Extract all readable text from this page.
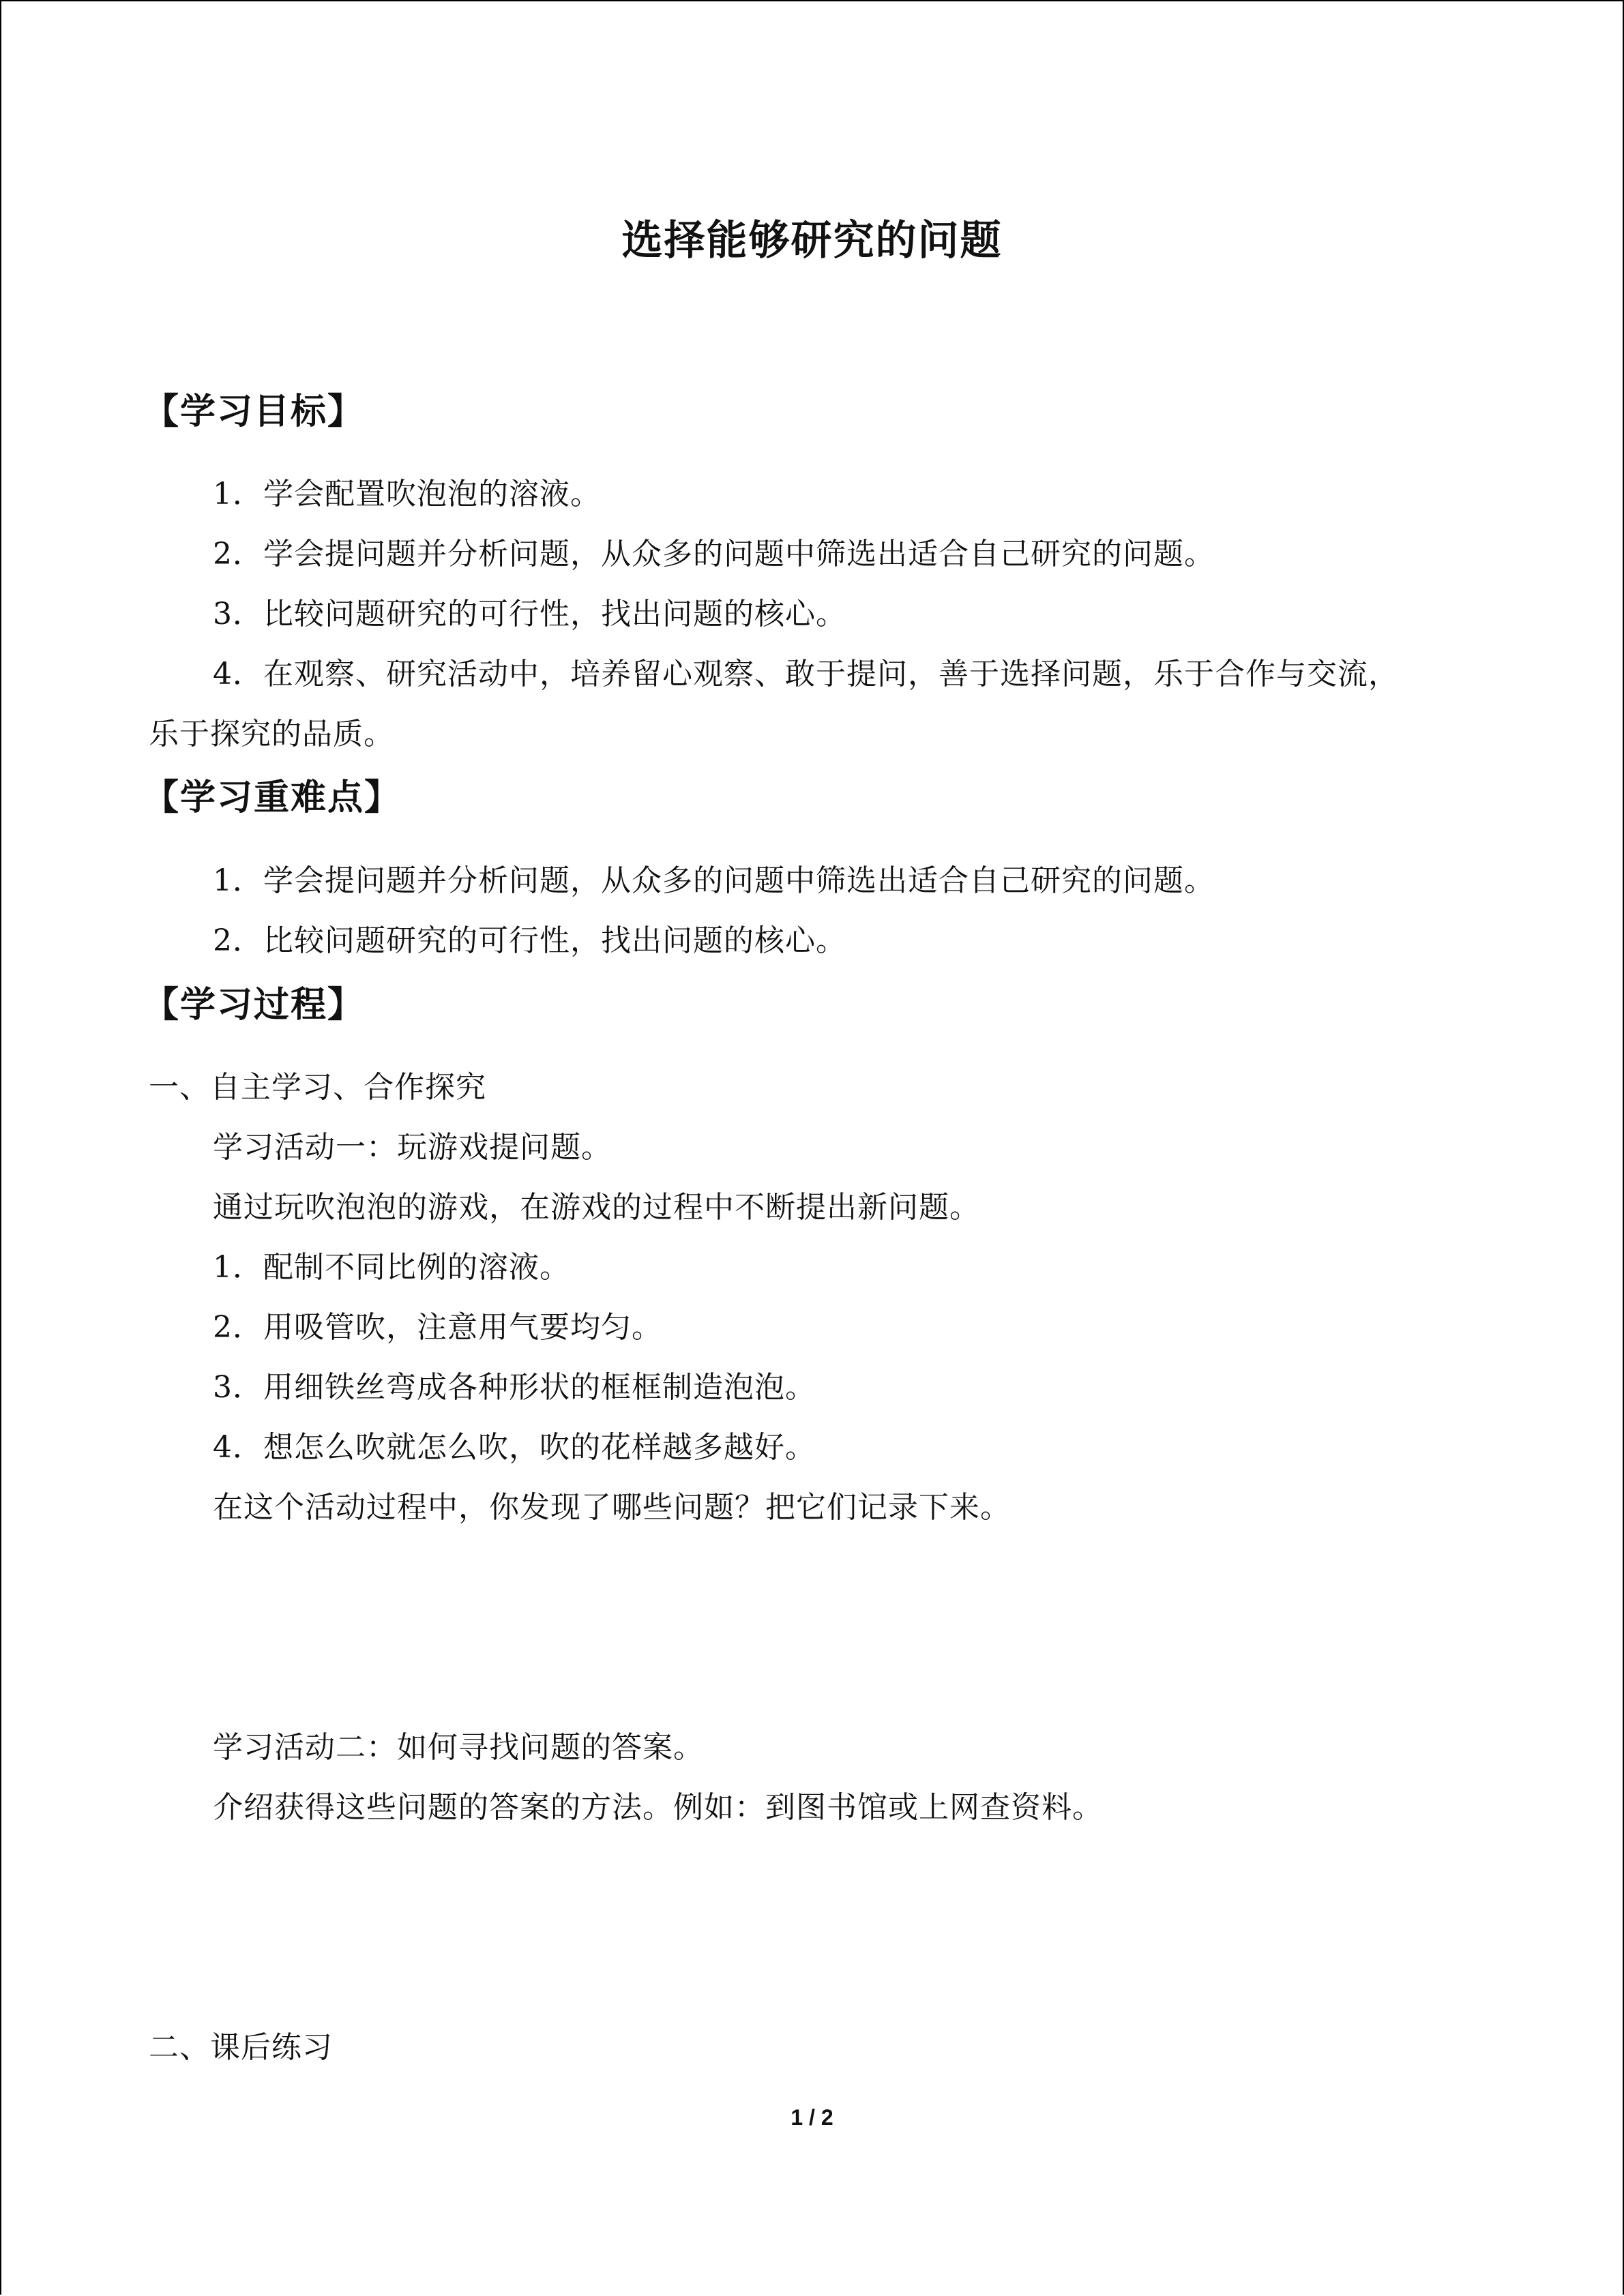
选择能够研究的问题
【学习目标】
1．学会配置吹泡泡的溶液。
2．学会提问题并分析问题，从众多的问题中筛选出适合自己研究的问题。
3．比较问题研究的可行性，找出问题的核心。
4．在观察、研究活动中，培养留心观察、敢于提问，善于选择问题，乐于合作与交流，
乐于探究的品质。
【学习重难点】
1．学会提问题并分析问题，从众多的问题中筛选出适合自己研究的问题。
2．比较问题研究的可行性，找出问题的核心。
【学习过程】
一、自主学习、合作探究
学习活动一：玩游戏提问题。
通过玩吹泡泡的游戏，在游戏的过程中不断提出新问题。
1．配制不同比例的溶液。
2．用吸管吹，注意用气要均匀。
3．用细铁丝弯成各种形状的框框制造泡泡。
4．想怎么吹就怎么吹，吹的花样越多越好。
在这个活动过程中，你发现了哪些问题？把它们记录下来。
学习活动二：如何寻找问题的答案。
介绍获得这些问题的答案的方法。例如：到图书馆或上网查资料。
二、课后练习
1 / 2
